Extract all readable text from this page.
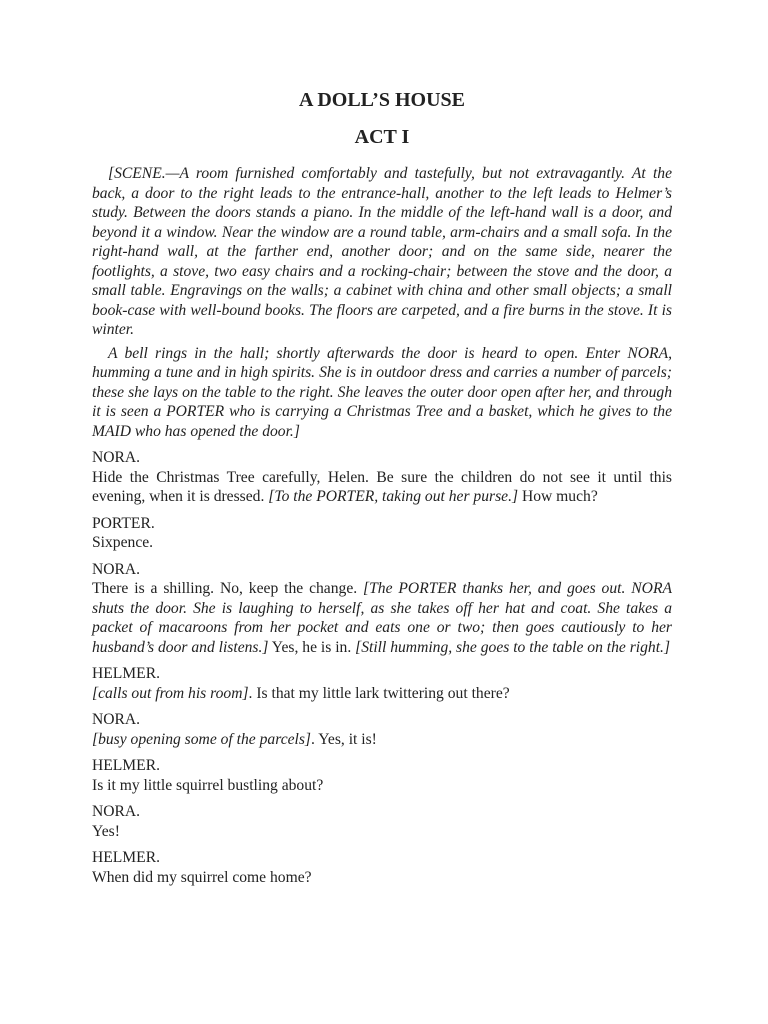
A DOLL’S HOUSE
ACT I

[SCENE.—A room furnished comfortably and tastefully, but not extravagantly. At the back, a door to the right leads to the entrance-hall, another to the left leads to Helmer’s study. Between the doors stands a piano. In the middle of the left-hand wall is a door, and beyond it a window. Near the window are a round table, arm-chairs and a small sofa. In the right-hand wall, at the farther end, another door; and on the same side, nearer the footlights, a stove, two easy chairs and a rocking-chair; between the stove and the door, a small table. Engravings on the walls; a cabinet with china and other small objects; a small book-case with well-bound books. The floors are carpeted, and a fire burns in the stove. It is winter.

A bell rings in the hall; shortly afterwards the door is heard to open. Enter NORA, humming a tune and in high spirits. She is in outdoor dress and carries a number of parcels; these she lays on the table to the right. She leaves the outer door open after her, and through it is seen a PORTER who is carrying a Christmas Tree and a basket, which he gives to the MAID who has opened the door.]

NORA.
Hide the Christmas Tree carefully, Helen. Be sure the children do not see it until this evening, when it is dressed. [To the PORTER, taking out her purse.] How much?
PORTER.
Sixpence.
NORA.
There is a shilling. No, keep the change. [The PORTER thanks her, and goes out. NORA shuts the door. She is laughing to herself, as she takes off her hat and coat. She takes a packet of macaroons from her pocket and eats one or two; then goes cautiously to her husband’s door and listens.] Yes, he is in. [Still humming, she goes to the table on the right.]
HELMER.
[calls out from his room]. Is that my little lark twittering out there?
NORA.
[busy opening some of the parcels]. Yes, it is!
HELMER.
Is it my little squirrel bustling about?
NORA.
Yes!
HELMER.
When did my squirrel come home?
